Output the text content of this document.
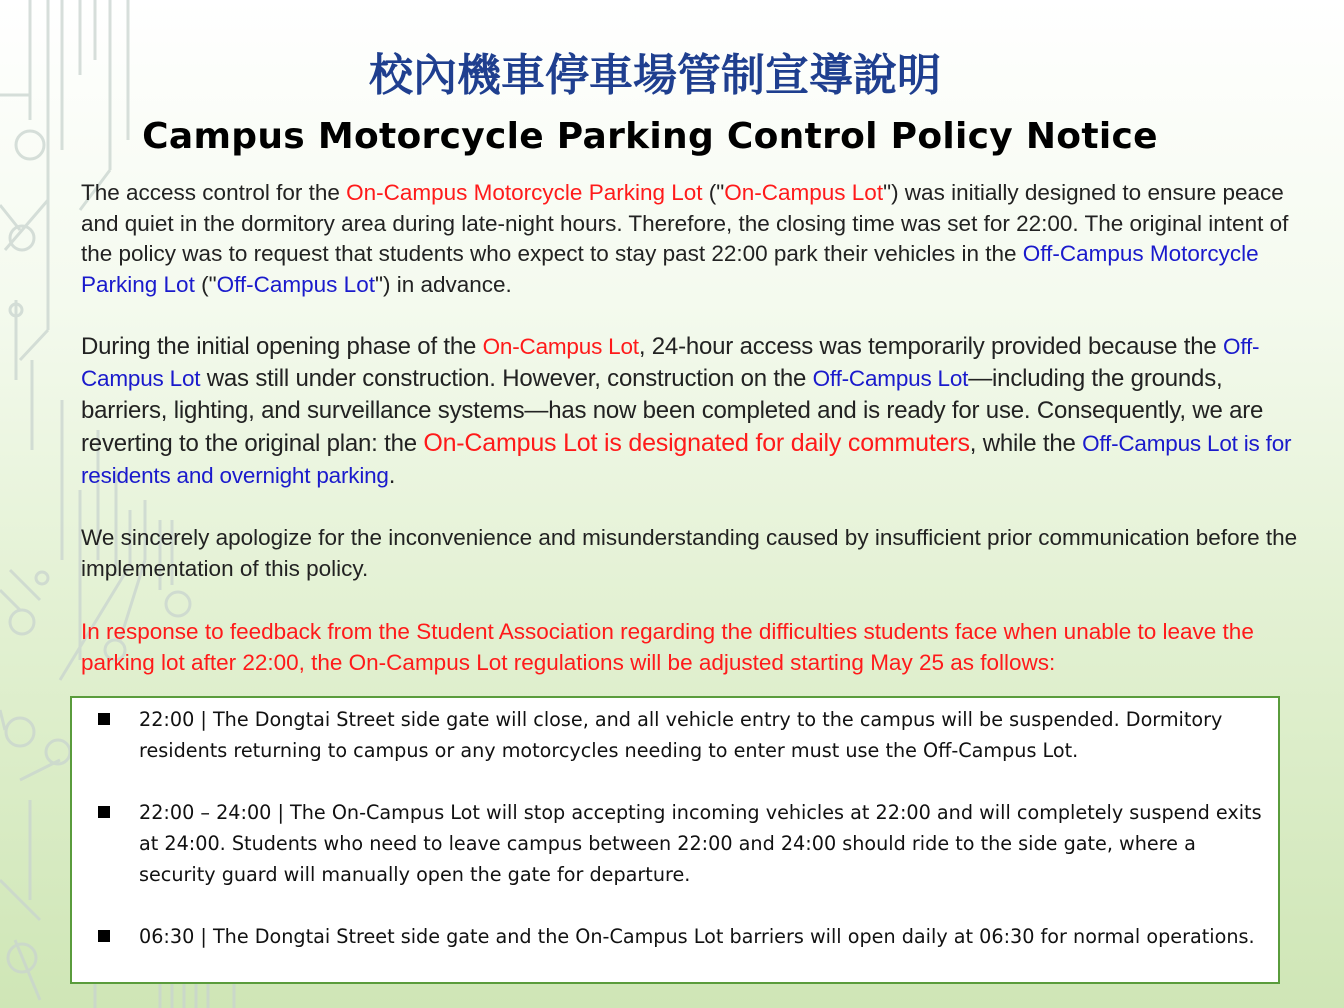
校內機車停車場管制宣導說明
Campus Motorcycle Parking Control Policy Notice

The access control for the On-Campus Motorcycle Parking Lot ("On-Campus Lot") was initially designed to ensure peace and quiet in the dormitory area during late-night hours. Therefore, the closing time was set for 22:00. The original intent of the policy was to request that students who expect to stay past 22:00 park their vehicles in the Off-Campus Motorcycle Parking Lot ("Off-Campus Lot") in advance.

During the initial opening phase of the On-Campus Lot, 24-hour access was temporarily provided because the Off-Campus Lot was still under construction. However, construction on the Off-Campus Lot—including the grounds, barriers, lighting, and surveillance systems—has now been completed and is ready for use. Consequently, we are reverting to the original plan: the On-Campus Lot is designated for daily commuters, while the Off-Campus Lot is for residents and overnight parking.

We sincerely apologize for the inconvenience and misunderstanding caused by insufficient prior communication before the implementation of this policy.

In response to feedback from the Student Association regarding the difficulties students face when unable to leave the parking lot after 22:00, the On-Campus Lot regulations will be adjusted starting May 25 as follows:

22:00 | The Dongtai Street side gate will close, and all vehicle entry to the campus will be suspended. Dormitory residents returning to campus or any motorcycles needing to enter must use the Off-Campus Lot.
22:00 – 24:00 | The On-Campus Lot will stop accepting incoming vehicles at 22:00 and will completely suspend exits at 24:00. Students who need to leave campus between 22:00 and 24:00 should ride to the side gate, where a security guard will manually open the gate for departure.
06:30 | The Dongtai Street side gate and the On-Campus Lot barriers will open daily at 06:30 for normal operations.
